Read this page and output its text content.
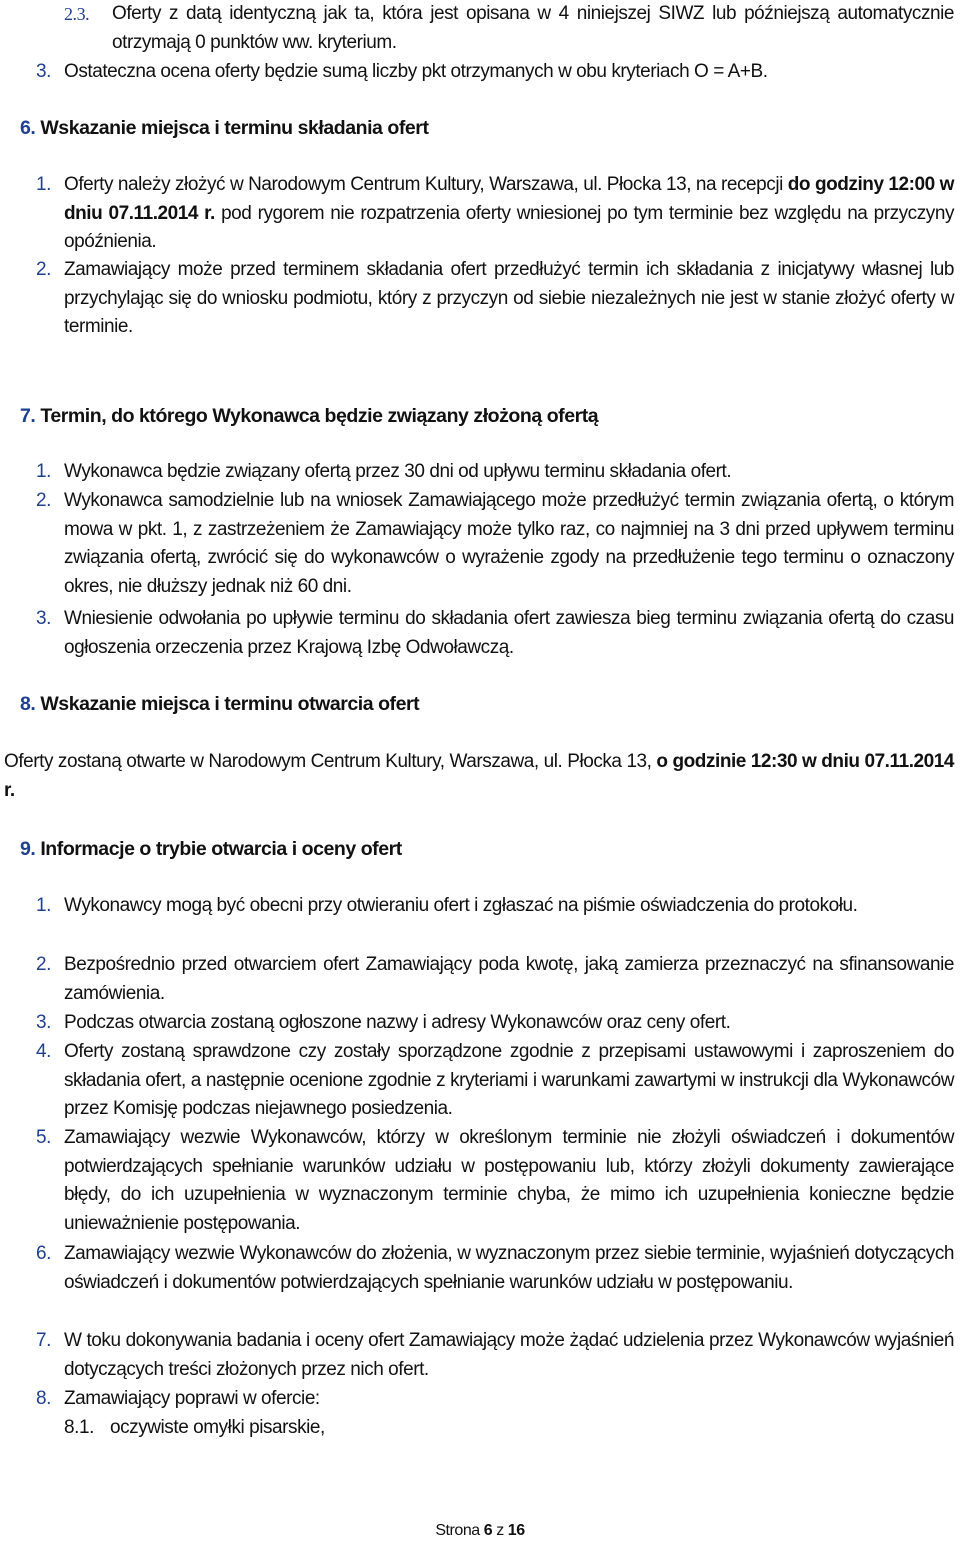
2.3. Oferty z datą identyczną jak ta, która jest opisana w 4 niniejszej SIWZ lub późniejszą automatycznie otrzymają 0 punktów ww. kryterium.
3. Ostateczna ocena oferty będzie sumą liczby pkt otrzymanych w obu kryteriach O = A+B.
6. Wskazanie miejsca i terminu składania ofert
1. Oferty należy złożyć w Narodowym Centrum Kultury, Warszawa, ul. Płocka 13, na recepcji do godziny 12:00 w dniu 07.11.2014 r. pod rygorem nie rozpatrzenia oferty wniesionej po tym terminie bez względu na przyczyny opóźnienia.
2. Zamawiający może przed terminem składania ofert przedłużyć termin ich składania z inicjatywy własnej lub przychylając się do wniosku podmiotu, który z przyczyn od siebie niezależnych nie jest w stanie złożyć oferty w terminie.
7. Termin, do którego Wykonawca będzie związany złożoną ofertą
1. Wykonawca będzie związany ofertą przez 30 dni od upływu terminu składania ofert.
2. Wykonawca samodzielnie lub na wniosek Zamawiającego może przedłużyć termin związania ofertą, o którym mowa w pkt. 1, z zastrzeżeniem że Zamawiający może tylko raz, co najmniej na 3 dni przed upływem terminu związania ofertą, zwrócić się do wykonawców o wyrażenie zgody na przedłużenie tego terminu o oznaczony okres, nie dłuższy jednak niż 60 dni.
3. Wniesienie odwołania po upływie terminu do składania ofert zawiesza bieg terminu związania ofertą do czasu ogłoszenia orzeczenia przez Krajową Izbę Odwoławczą.
8. Wskazanie miejsca i terminu otwarcia ofert
Oferty zostaną otwarte w Narodowym Centrum Kultury, Warszawa, ul. Płocka 13, o godzinie 12:30 w dniu 07.11.2014 r.
9. Informacje o trybie otwarcia i oceny ofert
1. Wykonawcy mogą być obecni przy otwieraniu ofert i zgłaszać na piśmie oświadczenia do protokołu.
2. Bezpośrednio przed otwarciem ofert Zamawiający poda kwotę, jaką zamierza przeznaczyć na sfinansowanie zamówienia.
3. Podczas otwarcia zostaną ogłoszone nazwy i adresy Wykonawców oraz ceny ofert.
4. Oferty zostaną sprawdzone czy zostały sporządzone zgodnie z przepisami ustawowymi i zaproszeniem do składania ofert, a następnie ocenione zgodnie z kryteriami i warunkami zawartymi w instrukcji dla Wykonawców przez Komisję podczas niejawnego posiedzenia.
5. Zamawiający wezwie Wykonawców, którzy w określonym terminie nie złożyli oświadczeń i dokumentów potwierdzających spełnianie warunków udziału w postępowaniu lub, którzy złożyli dokumenty zawierające błędy, do ich uzupełnienia w wyznaczonym terminie chyba, że mimo ich uzupełnienia konieczne będzie unieważnienie postępowania.
6. Zamawiający wezwie Wykonawców do złożenia, w wyznaczonym przez siebie terminie, wyjaśnień dotyczących oświadczeń i dokumentów potwierdzających spełnianie warunków udziału w postępowaniu.
7. W toku dokonywania badania i oceny ofert Zamawiający może żądać udzielenia przez Wykonawców wyjaśnień dotyczących treści złożonych przez nich ofert.
8. Zamawiający poprawi w ofercie:
8.1. oczywiste omyłki pisarskie,
Strona 6 z 16
